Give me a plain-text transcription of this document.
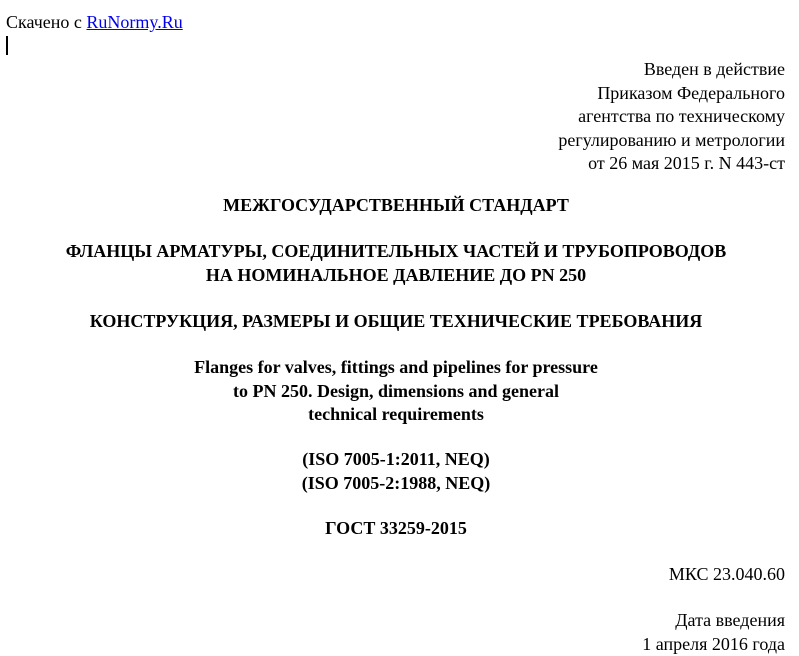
Скачено с RuNormy.Ru
Введен в действие
Приказом Федерального
агентства по техническому
регулированию и метрологии
от 26 мая 2015 г. N 443-ст
МЕЖГОСУДАРСТВЕННЫЙ СТАНДАРТ
ФЛАНЦЫ АРМАТУРЫ, СОЕДИНИТЕЛЬНЫХ ЧАСТЕЙ И ТРУБОПРОВОДОВ
НА НОМИНАЛЬНОЕ ДАВЛЕНИЕ ДО PN 250
КОНСТРУКЦИЯ, РАЗМЕРЫ И ОБЩИЕ ТЕХНИЧЕСКИЕ ТРЕБОВАНИЯ
Flanges for valves, fittings and pipelines for pressure
to PN 250. Design, dimensions and general
technical requirements
(ISO 7005-1:2011, NEQ)
(ISO 7005-2:1988, NEQ)
ГОСТ 33259-2015
МКС 23.040.60
Дата введения
1 апреля 2016 года
